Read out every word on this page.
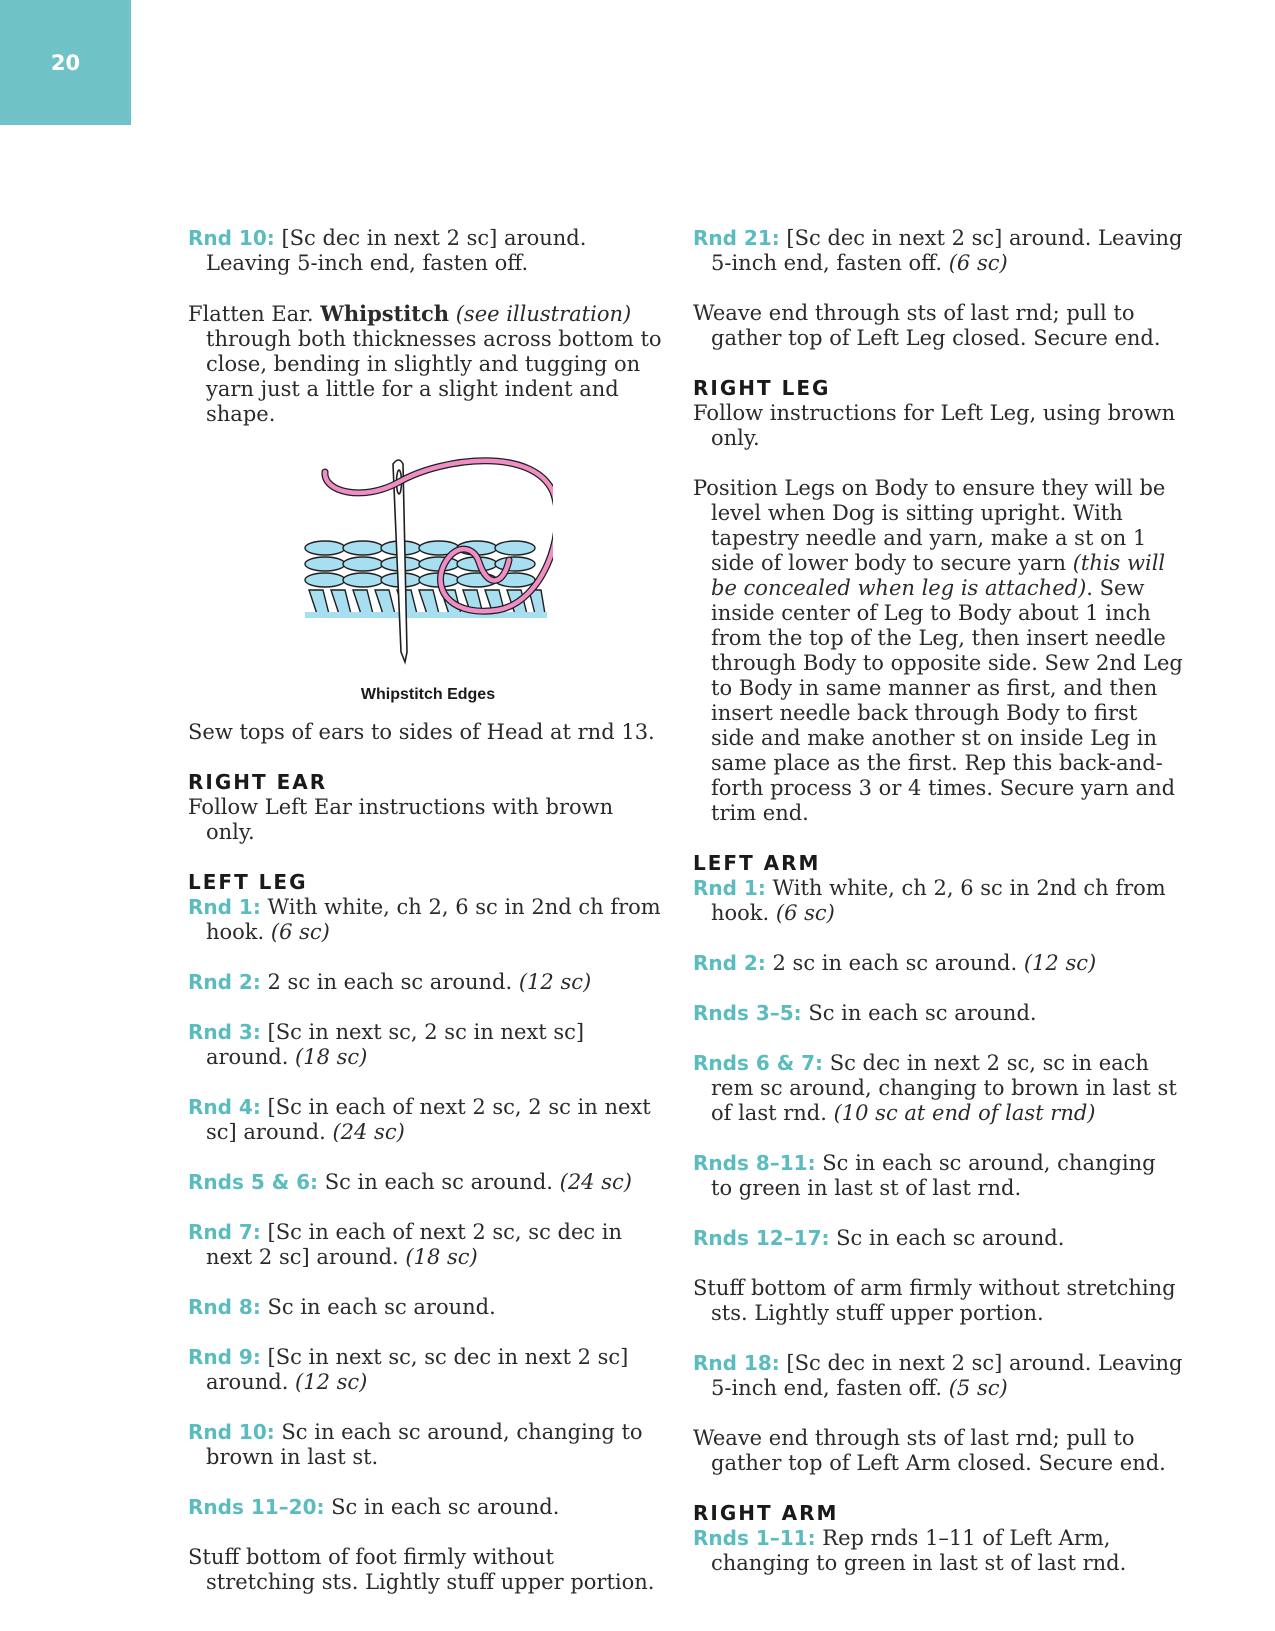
20

Rnd 10: [Sc dec in next 2 sc] around. Leaving 5-inch end, fasten off.

Flatten Ear. Whipstitch (see illustration) through both thicknesses across bottom to close, bending in slightly and tugging on yarn just a little for a slight indent and shape.

Whipstitch Edges

Sew tops of ears to sides of Head at rnd 13.

RIGHT EAR

Follow Left Ear instructions with brown only.

LEFT LEG

Rnd 1: With white, ch 2, 6 sc in 2nd ch from hook. (6 sc)

Rnd 2: 2 sc in each sc around. (12 sc)

Rnd 3: [Sc in next sc, 2 sc in next sc] around. (18 sc)

Rnd 4: [Sc in each of next 2 sc, 2 sc in next sc] around. (24 sc)

Rnds 5 & 6: Sc in each sc around. (24 sc)

Rnd 7: [Sc in each of next 2 sc, sc dec in next 2 sc] around. (18 sc)

Rnd 8: Sc in each sc around.

Rnd 9: [Sc in next sc, sc dec in next 2 sc] around. (12 sc)

Rnd 10: Sc in each sc around, changing to brown in last st.

Rnds 11–20: Sc in each sc around.

Stuff bottom of foot firmly without stretching sts. Lightly stuff upper portion.

Rnd 21: [Sc dec in next 2 sc] around. Leaving 5-inch end, fasten off. (6 sc)

Weave end through sts of last rnd; pull to gather top of Left Leg closed. Secure end.

RIGHT LEG

Follow instructions for Left Leg, using brown only.

Position Legs on Body to ensure they will be level when Dog is sitting upright. With tapestry needle and yarn, make a st on 1 side of lower body to secure yarn (this will be concealed when leg is attached). Sew inside center of Leg to Body about 1 inch from the top of the Leg, then insert needle through Body to opposite side. Sew 2nd Leg to Body in same manner as first, and then insert needle back through Body to first side and make another st on inside Leg in same place as the first. Rep this back-and-forth process 3 or 4 times. Secure yarn and trim end.

LEFT ARM

Rnd 1: With white, ch 2, 6 sc in 2nd ch from hook. (6 sc)

Rnd 2: 2 sc in each sc around. (12 sc)

Rnds 3–5: Sc in each sc around.

Rnds 6 & 7: Sc dec in next 2 sc, sc in each rem sc around, changing to brown in last st of last rnd. (10 sc at end of last rnd)

Rnds 8–11: Sc in each sc around, changing to green in last st of last rnd.

Rnds 12–17: Sc in each sc around.

Stuff bottom of arm firmly without stretching sts. Lightly stuff upper portion.

Rnd 18: [Sc dec in next 2 sc] around. Leaving 5-inch end, fasten off. (5 sc)

Weave end through sts of last rnd; pull to gather top of Left Arm closed. Secure end.

RIGHT ARM

Rnds 1–11: Rep rnds 1–11 of Left Arm, changing to green in last st of last rnd.
